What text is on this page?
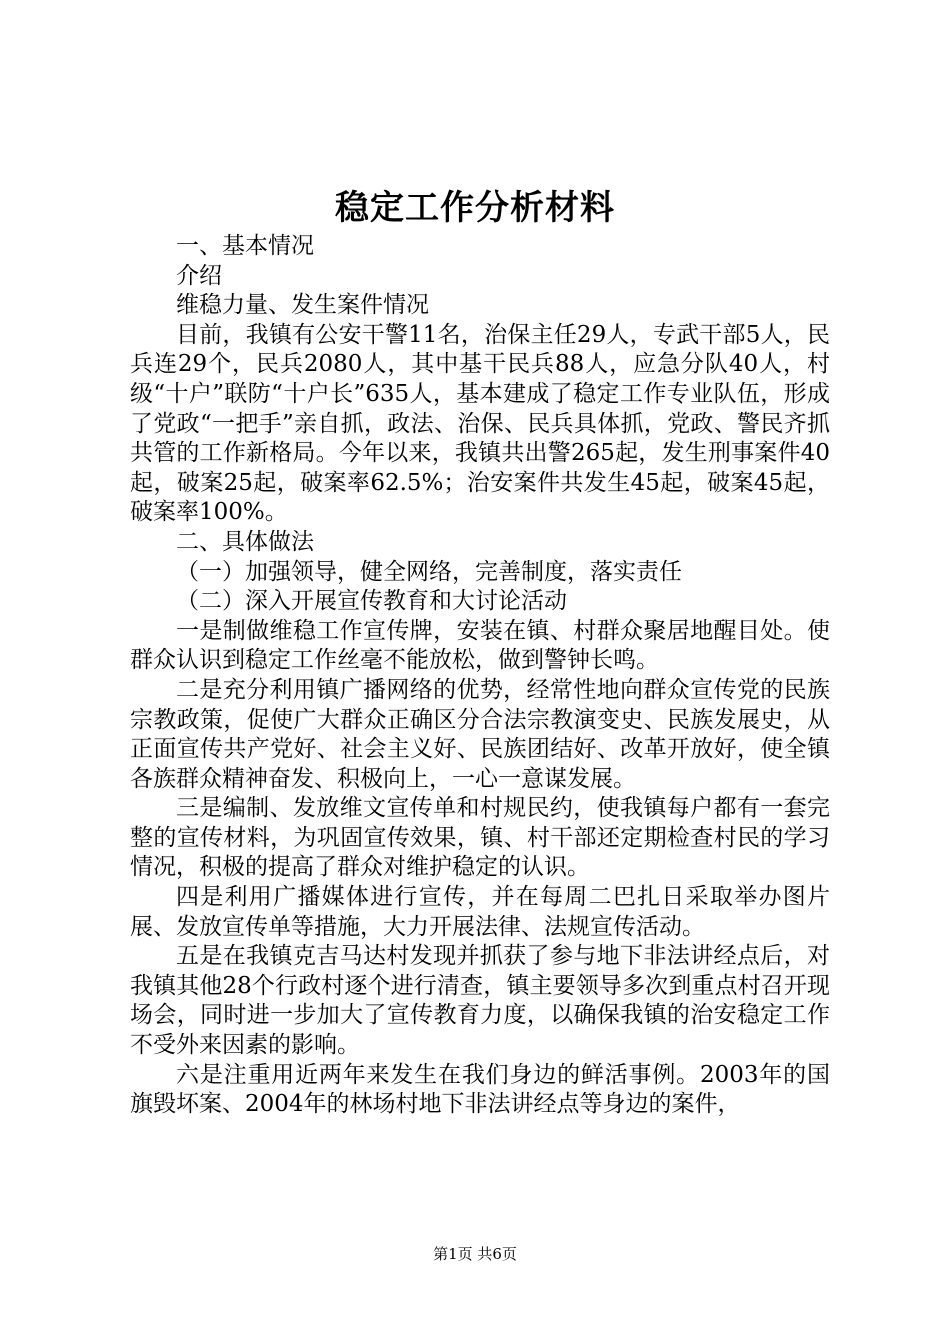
稳定工作分析材料

一、基本情况

介绍

维稳力量、发生案件情况

目前，我镇有公安干警11名，治保主任29人，专武干部5人，民兵连29个，民兵2080人，其中基干民兵88人，应急分队40人，村级“十户”联防“十户长”635人，基本建成了稳定工作专业队伍，形成了党政“一把手”亲自抓，政法、治保、民兵具体抓，党政、警民齐抓共管的工作新格局。今年以来，我镇共出警265起，发生刑事案件40起，破案25起，破案率62.5%；治安案件共发生45起，破案45起，破案率100%。

二、具体做法

（一）加强领导，健全网络，完善制度，落实责任

（二）深入开展宣传教育和大讨论活动

一是制做维稳工作宣传牌，安装在镇、村群众聚居地醒目处。使群众认识到稳定工作丝毫不能放松，做到警钟长鸣。

二是充分利用镇广播网络的优势，经常性地向群众宣传党的民族宗教政策，促使广大群众正确区分合法宗教演变史、民族发展史，从正面宣传共产党好、社会主义好、民族团结好、改革开放好，使全镇各族群众精神奋发、积极向上，一心一意谋发展。

三是编制、发放维文宣传单和村规民约，使我镇每户都有一套完整的宣传材料，为巩固宣传效果，镇、村干部还定期检查村民的学习情况，积极的提高了群众对维护稳定的认识。

四是利用广播媒体进行宣传，并在每周二巴扎日采取举办图片展、发放宣传单等措施，大力开展法律、法规宣传活动。

五是在我镇克吉马达村发现并抓获了参与地下非法讲经点后，对我镇其他28个行政村逐个进行清查，镇主要领导多次到重点村召开现场会，同时进一步加大了宣传教育力度，以确保我镇的治安稳定工作不受外来因素的影响。

六是注重用近两年来发生在我们身边的鲜活事例。2003年的国旗毁坏案、2004年的林场村地下非法讲经点等身边的案件，

第1页 共6页
